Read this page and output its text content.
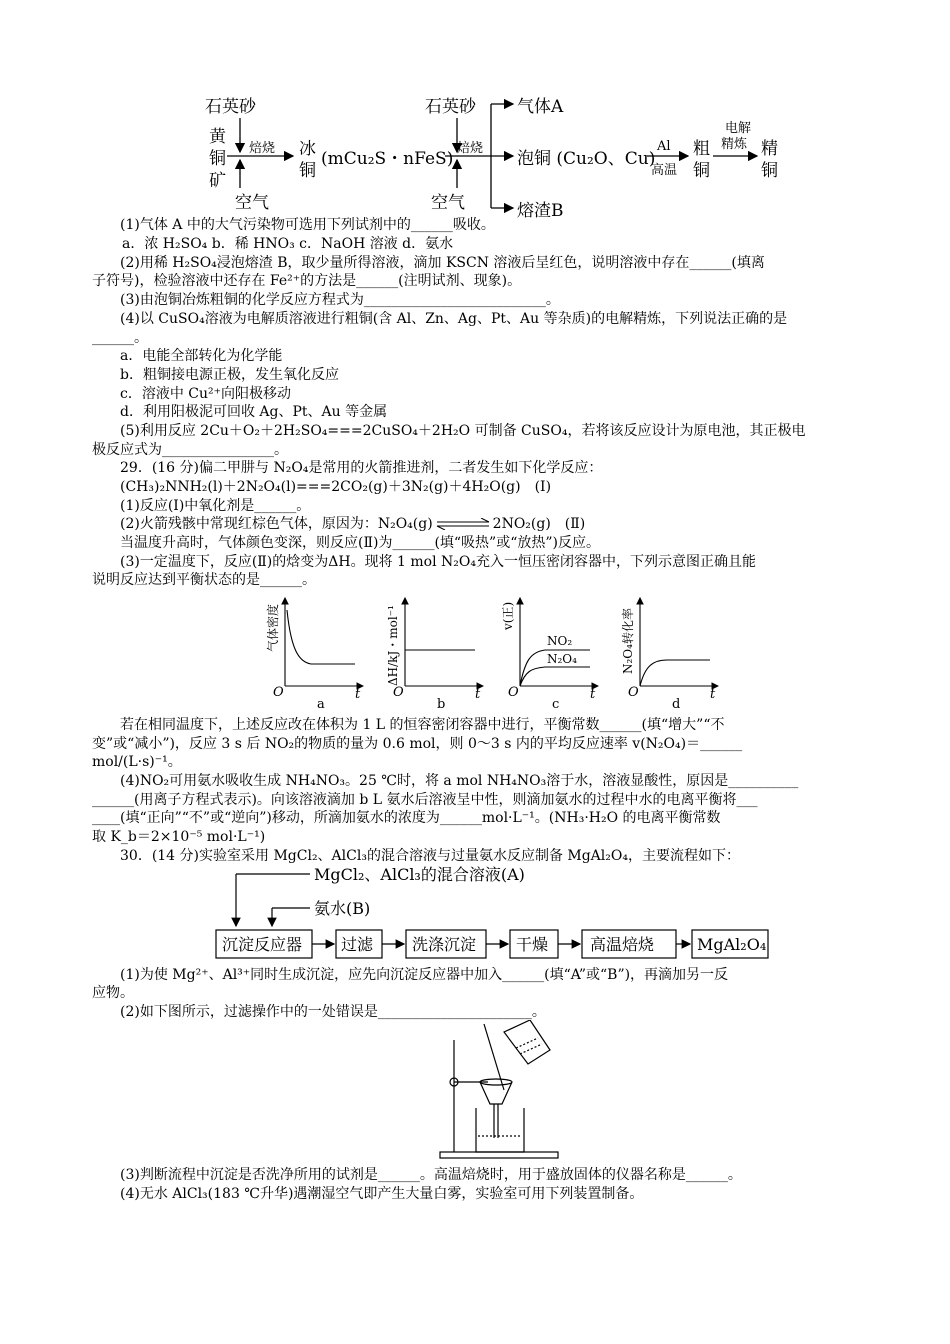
石英砂
黄
铜
矿
空气
冰
铜
(mCu₂S・nFeS)
石英砂
空气
气体A
泡铜 (Cu₂O、Cu)
熔渣B
粗
铜
精
铜
焙烧	焙烧	Al
高温
电解
精炼
(1)气体 A 中的大气污染物可选用下列试剂中的______吸收。
a．浓 H₂SO₄ b．稀 HNO₃ c．NaOH 溶液 d．氨水
(2)用稀 H₂SO₄浸泡熔渣 B，取少量所得溶液，滴加 KSCN 溶液后呈红色，说明溶液中存在______(填离
子符号)，检验溶液中还存在 Fe²⁺的方法是______(注明试剂、现象)。
(3)由泡铜冶炼粗铜的化学反应方程式为__________________________。
(4)以 CuSO₄溶液为电解质溶液进行粗铜(含 Al、Zn、Ag、Pt、Au 等杂质)的电解精炼，下列说法正确的是
______。
a．电能全部转化为化学能
b．粗铜接电源正极，发生氧化反应
c．溶液中 Cu²⁺向阳极移动
d．利用阳极泥可回收 Ag、Pt、Au 等金属
(5)利用反应 2Cu＋O₂＋2H₂SO₄===2CuSO₄＋2H₂O 可制备 CuSO₄，若将该反应设计为原电池，其正极电
极反应式为________________。
29．(16 分)偏二甲肼与 N₂O₄是常用的火箭推进剂，二者发生如下化学反应：
(CH₃)₂NNH₂(l)＋2N₂O₄(l)===2CO₂(g)＋3N₂(g)＋4H₂O(g)　(Ⅰ)
(1)反应(Ⅰ)中氧化剂是______。
(2)火箭残骸中常现红棕色气体，原因为：N₂O₄(g) ⇌ 2NO₂(g)　(Ⅱ)
当温度升高时，气体颜色变深，则反应(Ⅱ)为______(填“吸热”或“放热”)反应。
(3)一定温度下，反应(Ⅱ)的焓变为ΔH。现将 1 mol N₂O₄充入一恒压密闭容器中，下列示意图正确且能
说明反应达到平衡状态的是______。
气体密度	ΔH/kJ・mol⁻¹	v(正)	N₂O₄转化率
NO₂
N₂O₄
O	t	O	t O	t	O	t
a	b	c	d
若在相同温度下，上述反应改在体积为 1 L 的恒容密闭容器中进行，平衡常数______(填“增大”“不
变”或“减小”)，反应 3 s 后 NO₂的物质的量为 0.6 mol，则 0～3 s 内的平均反应速率 v(N₂O₄)＝______
mol/(L·s)⁻¹。
(4)NO₂可用氨水吸收生成 NH₄NO₃。25 ℃时，将 a mol NH₄NO₃溶于水，溶液显酸性，原因是__________
______(用离子方程式表示)。向该溶液滴加 b L 氨水后溶液呈中性，则滴加氨水的过程中水的电离平衡将___
____(填“正向”“不”或“逆向”)移动，所滴加氨水的浓度为______mol·L⁻¹。(NH₃·H₂O 的电离平衡常数
取 K_b＝2×10⁻⁵ mol·L⁻¹)
30．(14 分)实验室采用 MgCl₂、AlCl₃的混合溶液与过量氨水反应制备 MgAl₂O₄，主要流程如下：
MgCl₂、AlCl₃的混合溶液(A)
氨水(B)
沉淀反应器 过滤 洗涤沉淀 干燥	高温焙烧	MgAl₂O₄
(1)为使 Mg²⁺、Al³⁺同时生成沉淀，应先向沉淀反应器中加入______(填“A”或“B”)，再滴加另一反
应物。
(2)如下图所示，过滤操作中的一处错误是______________________。
(3)判断流程中沉淀是否洗净所用的试剂是______。高温焙烧时，用于盛放固体的仪器名称是______。
(4)无水 AlCl₃(183 ℃升华)遇潮湿空气即产生大量白雾，实验室可用下列装置制备。
